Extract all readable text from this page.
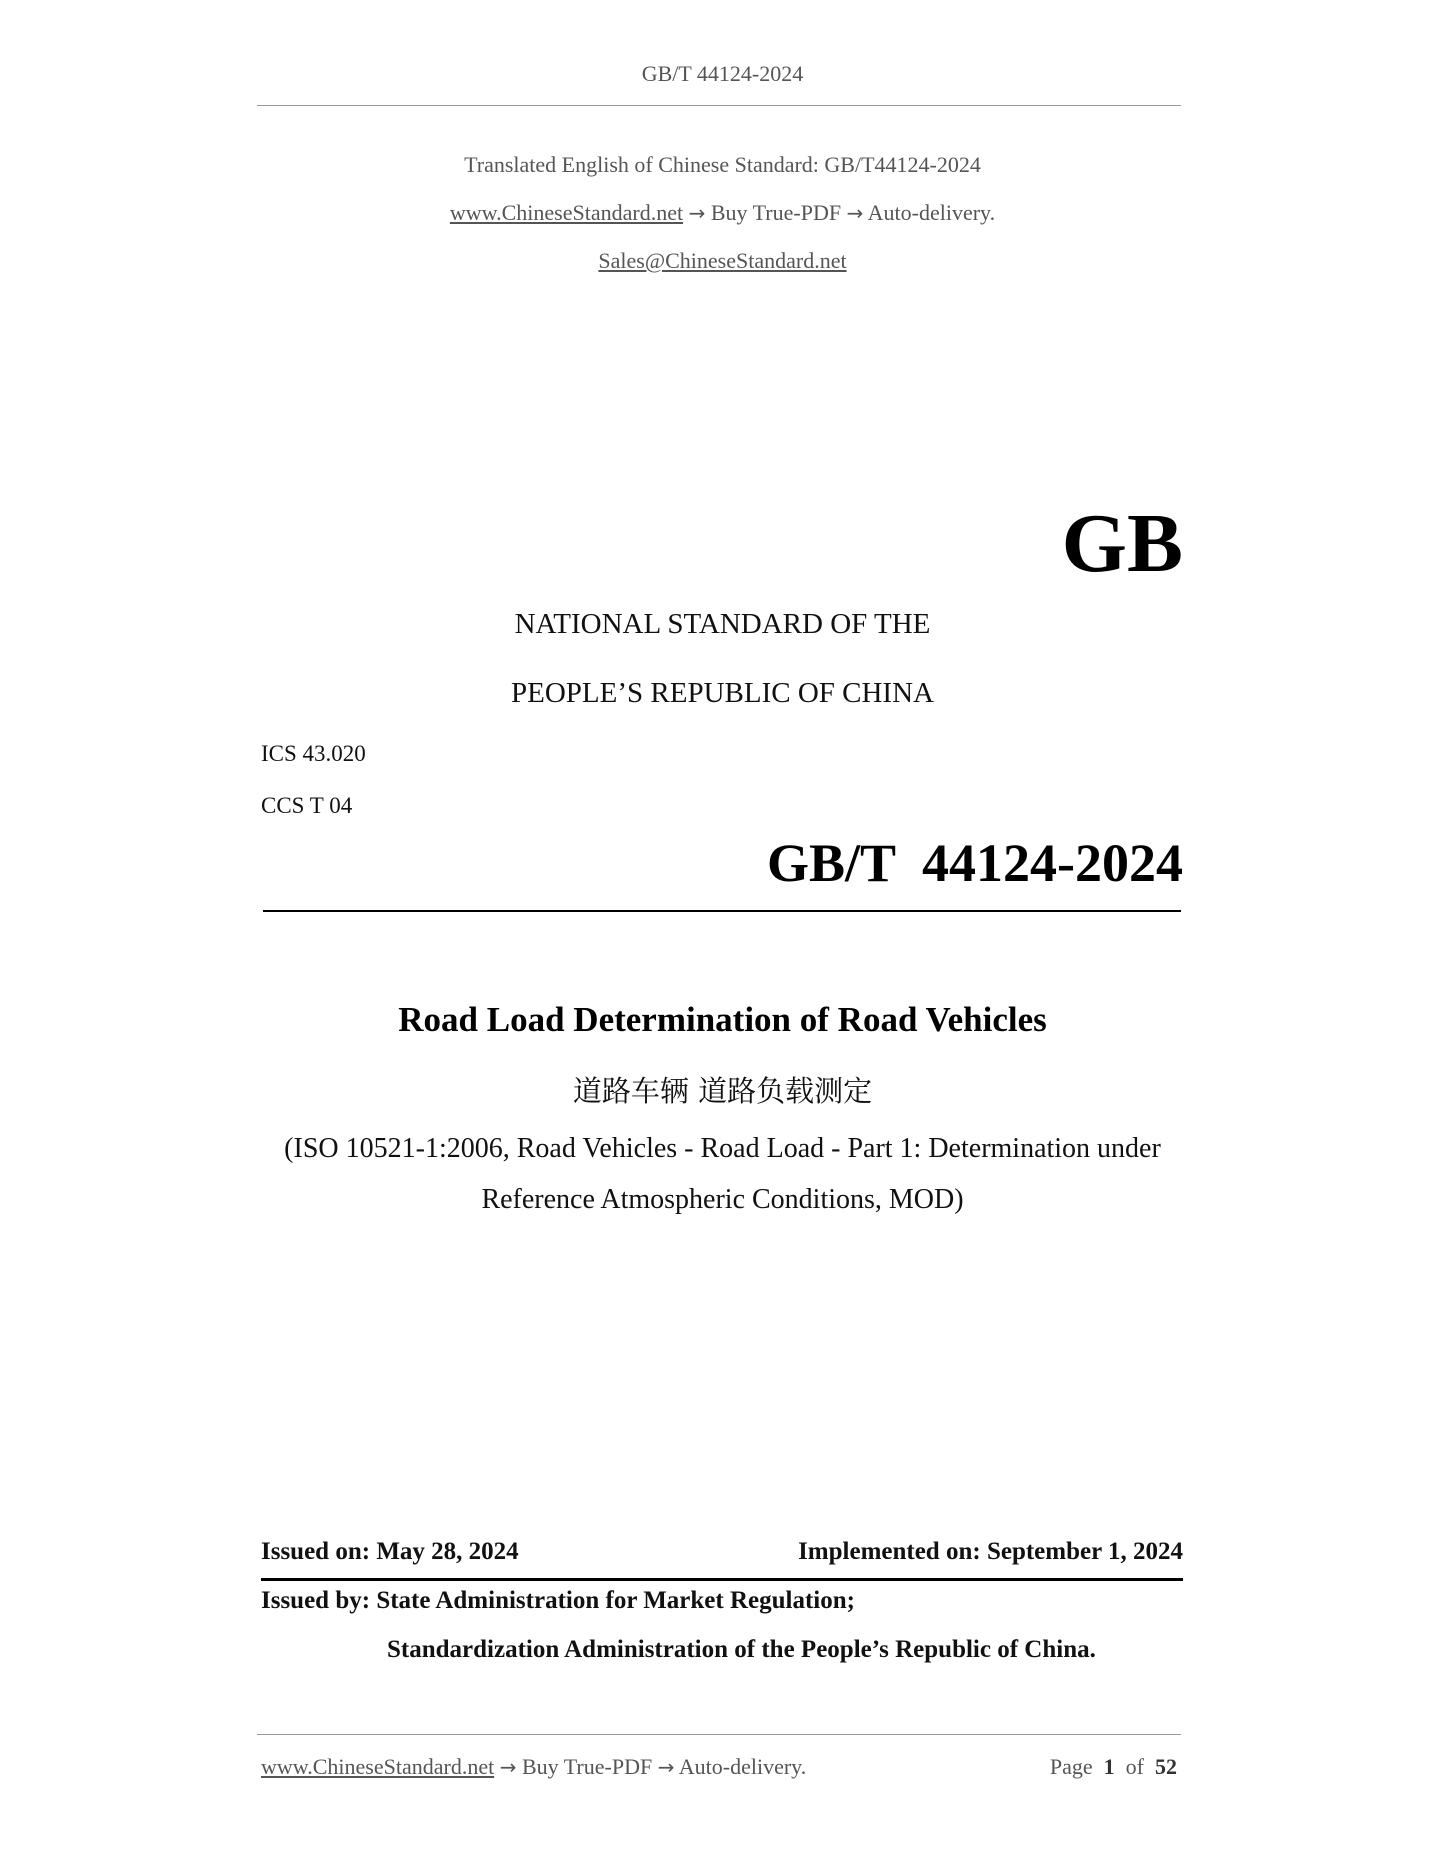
GB/T 44124-2024
Translated English of Chinese Standard: GB/T44124-2024
www.ChineseStandard.net → Buy True-PDF → Auto-delivery.
Sales@ChineseStandard.net
GB
NATIONAL STANDARD OF THE
PEOPLE’S REPUBLIC OF CHINA
ICS 43.020
CCS T 04
GB/T  44124-2024
Road Load Determination of Road Vehicles
道路车辆 道路负载测定
(ISO 10521-1:2006, Road Vehicles - Road Load - Part 1: Determination under
Reference Atmospheric Conditions, MOD)
Issued on: May 28, 2024	Implemented on: September 1, 2024
Issued by: State Administration for Market Regulation;
Standardization Administration of the People’s Republic of China.
www.ChineseStandard.net → Buy True-PDF → Auto-delivery.	Page 1 of 52
